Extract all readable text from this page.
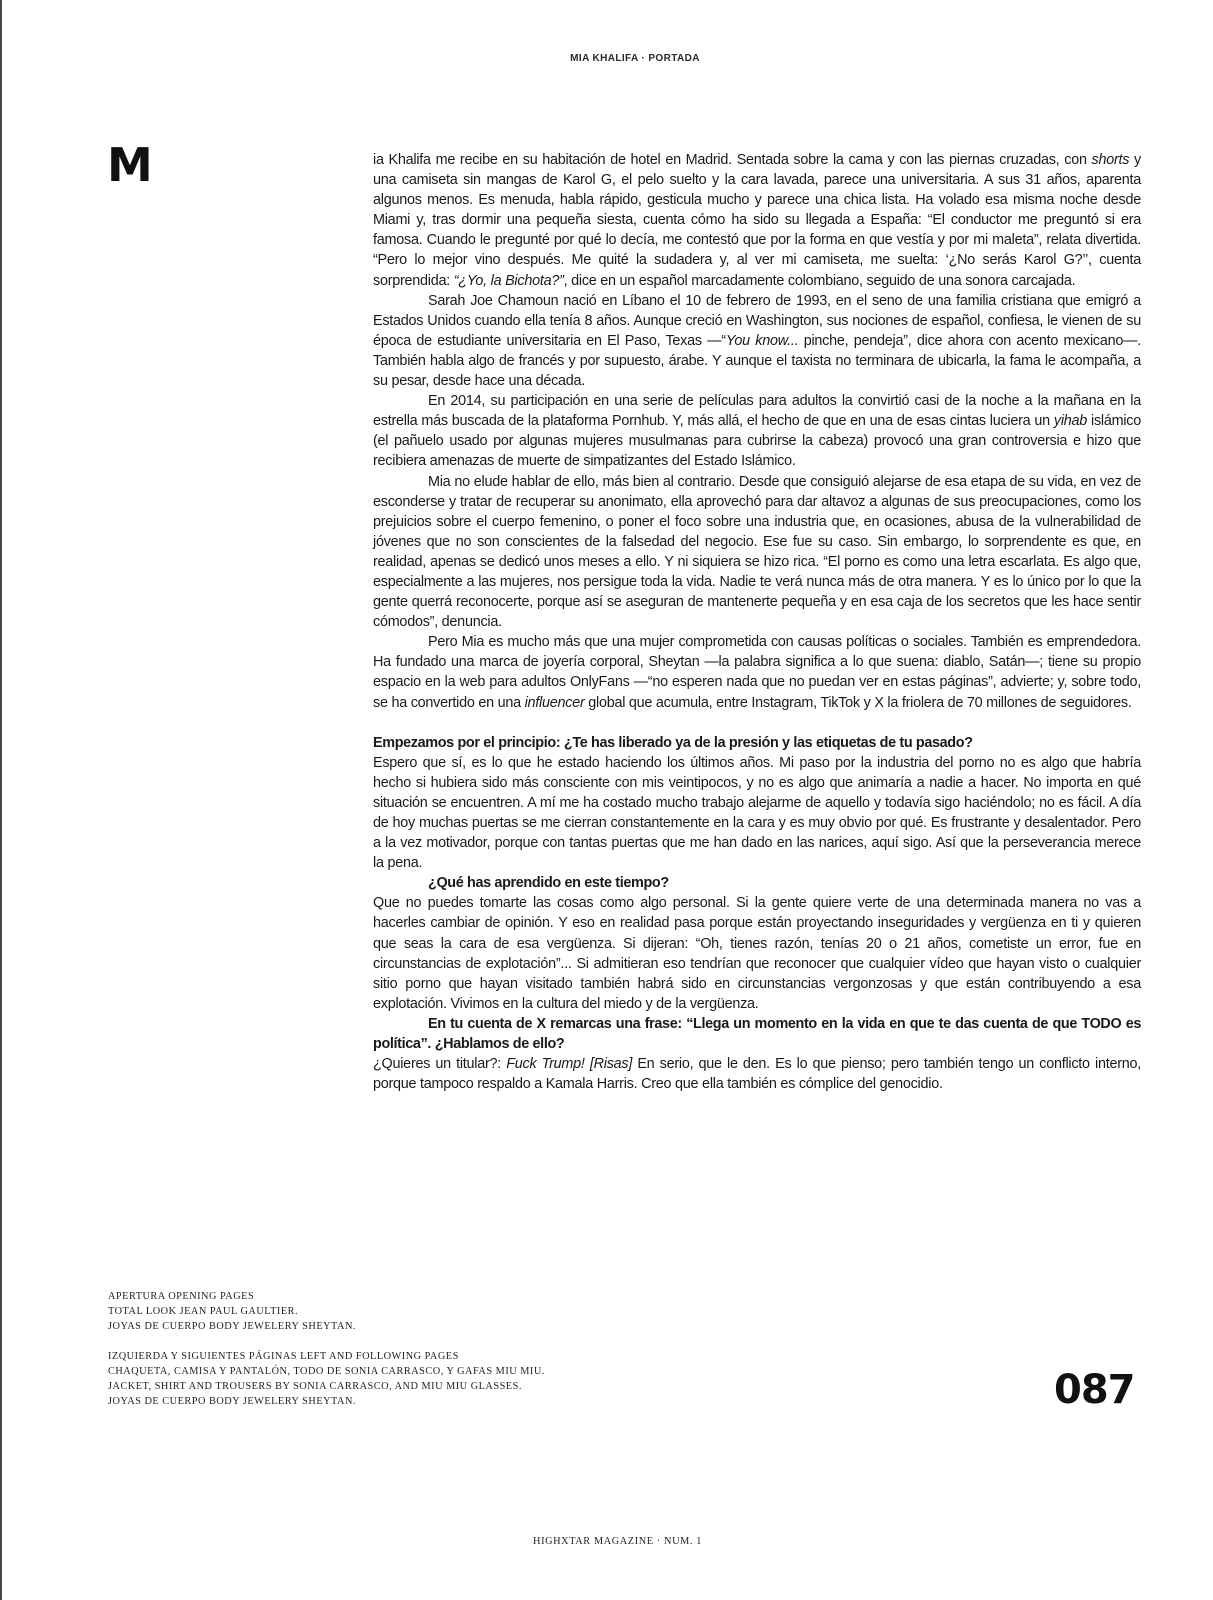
MIA KHALIFA · PORTADA
M	ia Khalifa me recibe en su habitación de hotel en Madrid. Sentada sobre la cama y con las piernas cruzadas, con shorts y una camiseta sin mangas de Karol G, el pelo suelto y la cara lavada, parece una universitaria. A sus 31 años, aparenta algunos menos. Es menuda, habla rápido, gesticula mucho y parece una chica lista. Ha volado esa misma noche desde Miami y, tras dormir una pequeña siesta, cuenta cómo ha sido su llegada a España: “El conductor me preguntó si era famosa. Cuando le pregunté por qué lo decía, me contestó que por la forma en que vestía y por mi maleta”, relata divertida. “Pero lo mejor vino después. Me quité la sudadera y, al ver mi camiseta, me suelta: ‘¿No serás Karol G?’’, cuenta sorprendida: “¿Yo, la Bichota?”, dice en un español marcadamente colombiano, seguido de una sonora carcajada.

Sarah Joe Chamoun nació en Líbano el 10 de febrero de 1993, en el seno de una familia cristiana que emigró a Estados Unidos cuando ella tenía 8 años. Aunque creció en Washington, sus nociones de español, confiesa, le vienen de su época de estudiante universitaria en El Paso, Texas —“You know... pinche, pendeja”, dice ahora con acento mexicano—. También habla algo de francés y por supuesto, árabe. Y aunque el taxista no terminara de ubicarla, la fama le acompaña, a su pesar, desde hace una década.

En 2014, su participación en una serie de películas para adultos la convirtió casi de la noche a la mañana en la estrella más buscada de la plataforma Pornhub. Y, más allá, el hecho de que en una de esas cintas luciera un yihab islámico (el pañuelo usado por algunas mujeres musulmanas para cubrirse la cabeza) provocó una gran controversia e hizo que recibiera amenazas de muerte de simpatizantes del Estado Islámico.

Mia no elude hablar de ello, más bien al contrario. Desde que consiguió alejarse de esa etapa de su vida, en vez de esconderse y tratar de recuperar su anonimato, ella aprovechó para dar altavoz a algunas de sus preocupaciones, como los prejuicios sobre el cuerpo femenino, o poner el foco sobre una industria que, en ocasiones, abusa de la vulnerabilidad de jóvenes que no son conscientes de la falsedad del negocio. Ese fue su caso. Sin embargo, lo sorprendente es que, en realidad, apenas se dedicó unos meses a ello. Y ni siquiera se hizo rica. “El porno es como una letra escarlata. Es algo que, especialmente a las mujeres, nos persigue toda la vida. Nadie te verá nunca más de otra manera. Y es lo único por lo que la gente querrá reconocerte, porque así se aseguran de mantenerte pequeña y en esa caja de los secretos que les hace sentir cómodos”, denuncia.

Pero Mia es mucho más que una mujer comprometida con causas políticas o sociales. También es emprendedora. Ha fundado una marca de joyería corporal, Sheytan —la palabra significa a lo que suena: diablo, Satán—; tiene su propio espacio en la web para adultos OnlyFans —“no esperen nada que no puedan ver en estas páginas”, advierte; y, sobre todo, se ha convertido en una influencer global que acumula, entre Instagram, TikTok y X la friolera de 70 millones de seguidores.

Empezamos por el principio: ¿Te has liberado ya de la presión y las etiquetas de tu pasado?

Espero que sí, es lo que he estado haciendo los últimos años. Mi paso por la industria del porno no es algo que habría hecho si hubiera sido más consciente con mis veintipocos, y no es algo que animaría a nadie a hacer. No importa en qué situación se encuentren. A mí me ha costado mucho trabajo alejarme de aquello y todavía sigo haciéndolo; no es fácil. A día de hoy muchas puertas se me cierran constantemente en la cara y es muy obvio por qué. Es frustrante y desalentador. Pero a la vez motivador, porque con tantas puertas que me han dado en las narices, aquí sigo. Así que la perseverancia merece la pena.

¿Qué has aprendido en este tiempo?

Que no puedes tomarte las cosas como algo personal. Si la gente quiere verte de una determinada manera no vas a hacerles cambiar de opinión. Y eso en realidad pasa porque están proyectando inseguridades y vergüenza en ti y quieren que seas la cara de esa vergüenza. Si dijeran: “Oh, tienes razón, tenías 20 o 21 años, cometiste un error, fue en circunstancias de explotación”... Si admitieran eso tendrían que reconocer que cualquier vídeo que hayan visto o cualquier sitio porno que hayan visitado también habrá sido en circunstancias vergonzosas y que están contribuyendo a esa explotación. Vivimos en la cultura del miedo y de la vergüenza.

En tu cuenta de X remarcas una frase: “Llega un momento en la vida en que te das cuenta de que TODO es política”. ¿Hablamos de ello?

¿Quieres un titular?: Fuck Trump! [Risas] En serio, que le den. Es lo que pienso; pero también tengo un conflicto interno, porque tampoco respaldo a Kamala Harris. Creo que ella también es cómplice del genocidio.

APERTURA OPENING PAGES
TOTAL LOOK JEAN PAUL GAULTIER.
JOYAS DE CUERPO BODY JEWELERY SHEYTAN.
IZQUIERDA Y SIGUIENTES PÁGINAS LEFT AND FOLLOWING PAGES
CHAQUETA, CAMISA Y PANTALÓN, TODO DE SONIA CARRASCO, Y GAFAS MIU MIU.
JACKET, SHIRT AND TROUSERS BY SONIA CARRASCO, AND MIU MIU GLASSES.
JOYAS DE CUERPO BODY JEWELERY SHEYTAN.	087
HIGHXTAR MAGAZINE · NUM. 1
